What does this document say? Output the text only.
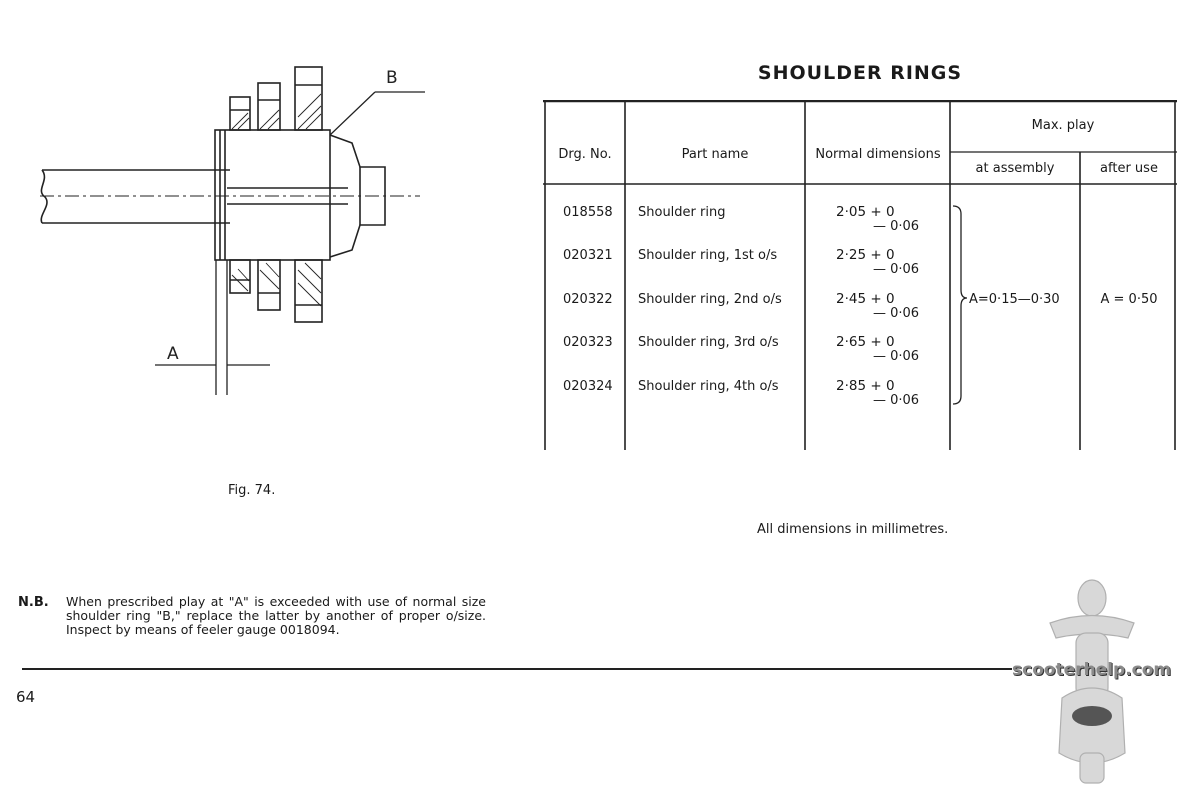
B
A
Fig. 74.
SHOULDER RINGS
Drg. No.	Part name	Normal dimensions
Max. play
at assembly	after use
018558 Shoulder ring	2·05 + 0
— 0·06
020321 Shoulder ring, 1st o/s	2·25 + 0
— 0·06
020322 Shoulder ring, 2nd o/s	2·45 + 0
— 0·06
020323 Shoulder ring, 3rd o/s	2·65 + 0
— 0·06
020324 Shoulder ring, 4th o/s	2·85 + 0
— 0·06
A=0·15—0·30	A = 0·50
All dimensions in millimetres.
N.B. When prescribed play at "A" is exceeded with use of normal size shoulder ring "B," replace the latter by another of proper o/size. Inspect by means of feeler gauge 0018094.
64
scooterhelp.com
